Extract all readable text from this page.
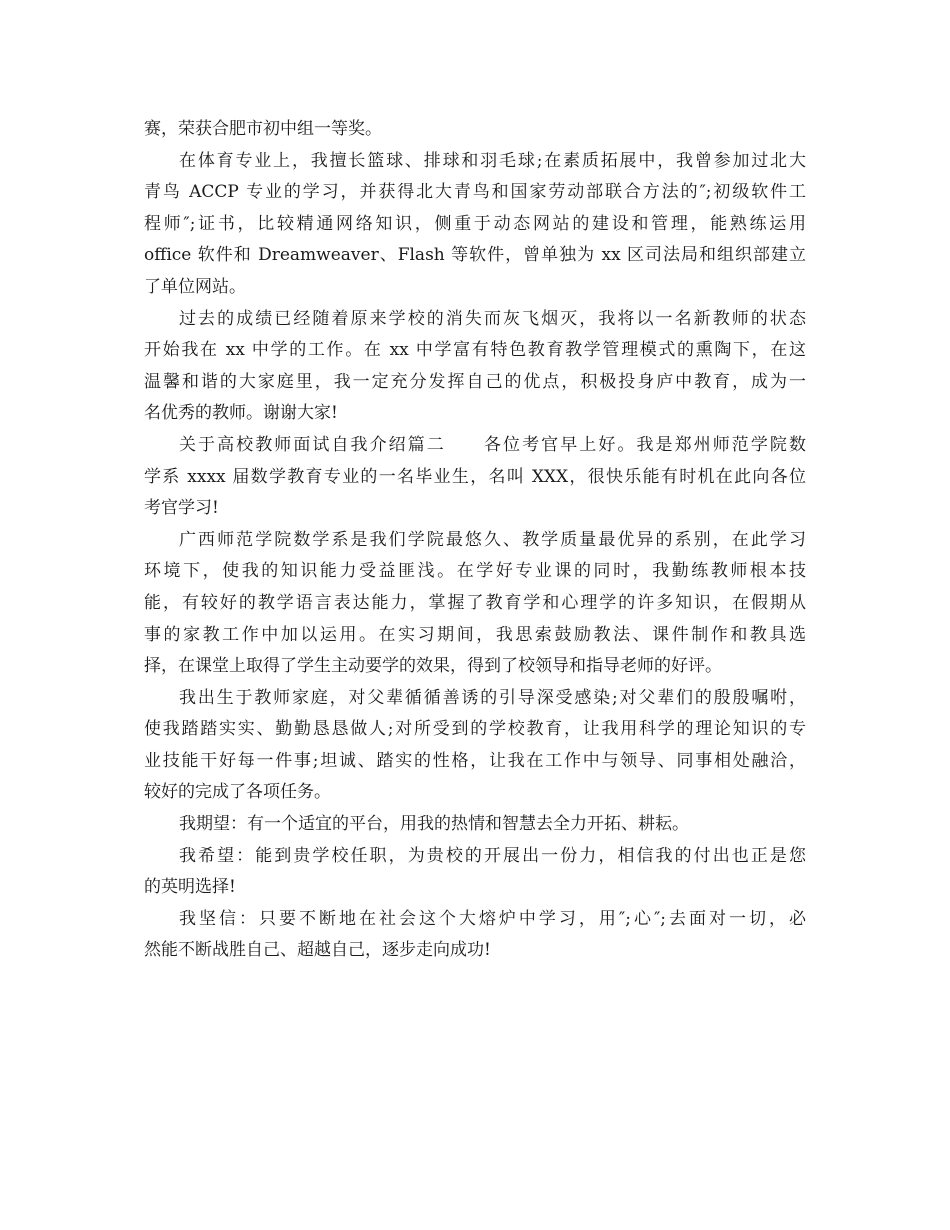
赛，荣获合肥市初中组一等奖。
在体育专业上，我擅长篮球、排球和羽毛球;在素质拓展中，我曾参加过北大
青鸟 ACCP 专业的学习，并获得北大青鸟和国家劳动部联合方法的″;初级软件工
程师″;证书，比较精通网络知识，侧重于动态网站的建设和管理，能熟练运用
office 软件和 Dreamweaver、Flash 等软件，曾单独为 xx 区司法局和组织部建立
了单位网站。
过去的成绩已经随着原来学校的消失而灰飞烟灭，我将以一名新教师的状态
开始我在 xx 中学的工作。在 xx 中学富有特色教育教学管理模式的熏陶下，在这
温馨和谐的大家庭里，我一定充分发挥自己的优点，积极投身庐中教育，成为一
名优秀的教师。谢谢大家!
关于高校教师面试自我介绍篇二　　各位考官早上好。我是郑州师范学院数
学系 xxxx 届数学教育专业的一名毕业生，名叫 XXX，很快乐能有时机在此向各位
考官学习!
广西师范学院数学系是我们学院最悠久、教学质量最优异的系别，在此学习
环境下，使我的知识能力受益匪浅。在学好专业课的同时，我勤练教师根本技
能，有较好的教学语言表达能力，掌握了教育学和心理学的许多知识，在假期从
事的家教工作中加以运用。在实习期间，我思索鼓励教法、课件制作和教具选
择，在课堂上取得了学生主动要学的效果，得到了校领导和指导老师的好评。
我出生于教师家庭，对父辈循循善诱的引导深受感染;对父辈们的殷殷嘱咐，
使我踏踏实实、勤勤恳恳做人;对所受到的学校教育，让我用科学的理论知识的专
业技能干好每一件事;坦诚、踏实的性格，让我在工作中与领导、同事相处融洽，
较好的完成了各项任务。
我期望：有一个适宜的平台，用我的热情和智慧去全力开拓、耕耘。
我希望：能到贵学校任职，为贵校的开展出一份力，相信我的付出也正是您
的英明选择!
我坚信：只要不断地在社会这个大熔炉中学习，用″;心″;去面对一切，必
然能不断战胜自己、超越自己，逐步走向成功!
